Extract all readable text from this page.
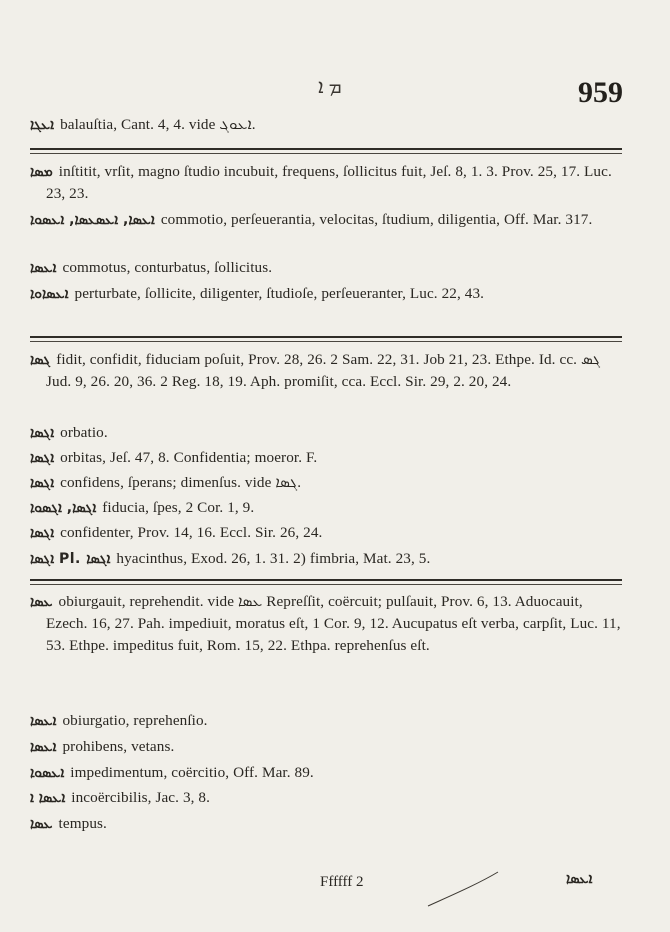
ܡ ܐ	959
ܐܥܓܐ balauſtia, Cant. 4, 4. vide ܐܥܘܓ.
ܡܣܐ inſtitit, vrſit, magno ſtudio incubuit, frequens, ſollicitus fuit, Jeſ. 8, 1. 3. Prov. 25, 17. Luc. 23, 23.
ܐܥܣܐ, ܐܥܣܥܣܐ, ܐܥܣܘܐ commotio, perſeuerantia, velocitas, ſtudium, diligentia, Off. Mar. 317.
ܐܥܣܐ commotus, conturbatus, ſollicitus.
ܐܥܣܐܘܐ perturbate, ſollicite, diligenter, ſtudioſe, perſeueranter, Luc. 22, 43.
ܓܣܐ fidit, confidit, fiduciam poſuit, Prov. 28, 26. 2 Sam. 22, 31. Job 21, 23. Ethpe. Id. cc. ܓܣ Jud. 9, 26. 20, 36. 2 Reg. 18, 19. Aph. promiſit, cca. Eccl. Sir. 29, 2. 20, 24.
ܐܓܣܐ orbatio.
ܐܓܣܐ orbitas, Jeſ. 47, 8. Confidentia; moeror. F.
ܐܓܣܐ confidens, ſperans; dimenſus. vide ܓܣܐ.
ܐܓܣܐ, ܐܓܣܘܐ fiducia, ſpes, 2 Cor. 1, 9.
ܐܓܣܐ confidenter, Prov. 14, 16. Eccl. Sir. 26, 24.
ܐܓܣܐ Pl. ܐܓܣܐ hyacinthus, Exod. 26, 1. 31. 2) fimbria, Mat. 23, 5.
ܥܣܐ obiurgauit, reprehendit. vide ܥܣܐ Repreſſit, coërcuit; pulſauit, Prov. 6, 13. Aduocauit, Ezech. 16, 27. Pah. impediuit, moratus eſt, 1 Cor. 9, 12. Aucupatus eſt verba, carpſit, Luc. 11, 53. Ethpe. impeditus fuit, Rom. 15, 22. Ethpa. reprehenſus eſt.
ܐܥܣܐ obiurgatio, reprehenſio.
ܐܥܣܐ prohibens, vetans.
ܐܥܣܘܐ impedimentum, coërcitio, Off. Mar. 89.
ܐܥܣܐ ܐ incoërcibilis, Jac. 3, 8.
ܥܣܐ tempus.
Ffffff 2	ܐܥܣܐ
